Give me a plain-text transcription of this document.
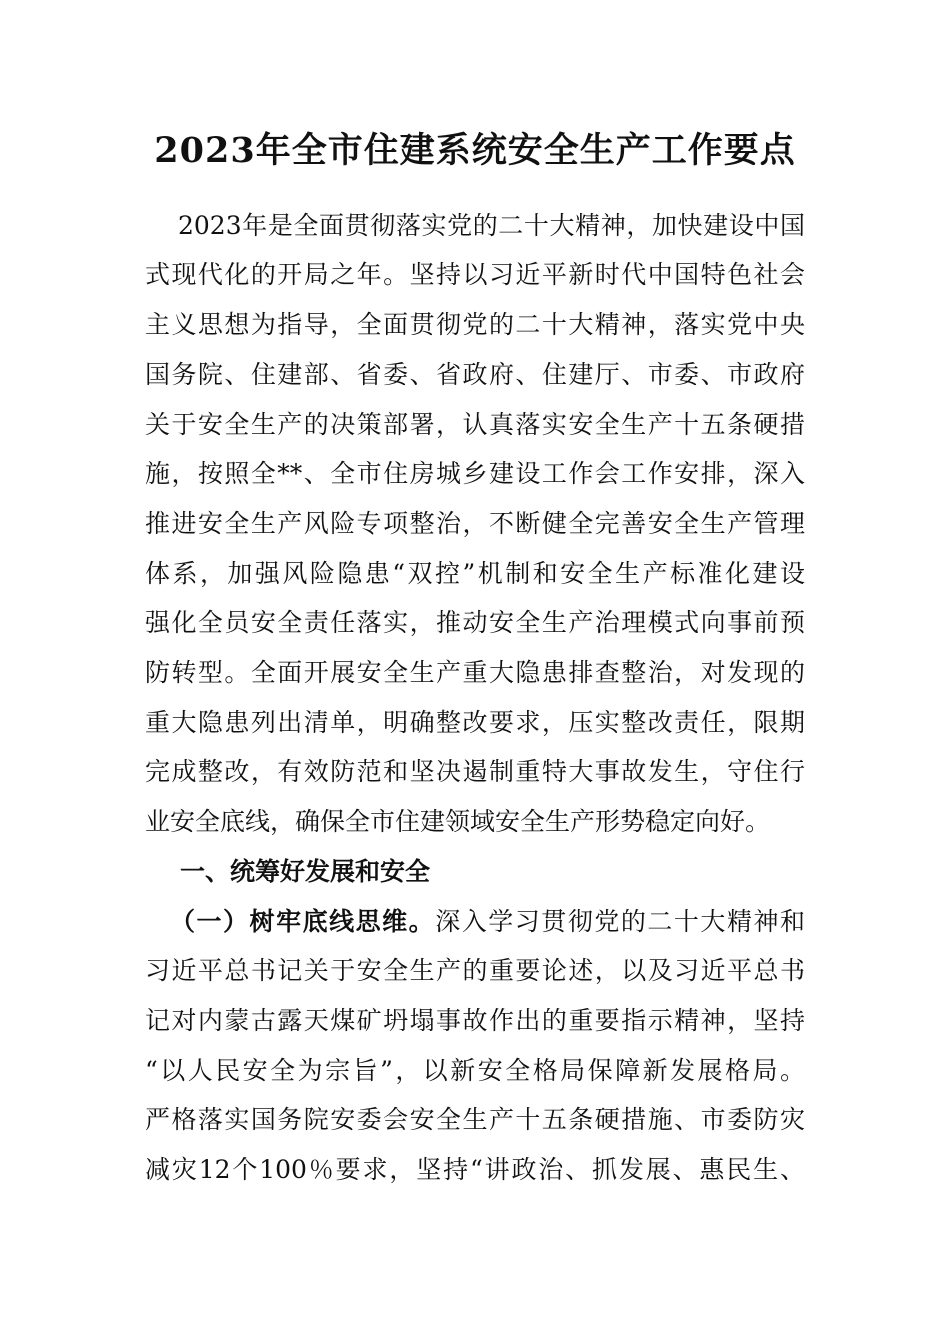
2023年全市住建系统安全生产工作要点
2023年是全面贯彻落实党的二十大精神，加快建设中国
式现代化的开局之年。坚持以习近平新时代中国特色社会
主义思想为指导，全面贯彻党的二十大精神，落实党中央
国务院、住建部、省委、省政府、住建厅、市委、市政府
关于安全生产的决策部署，认真落实安全生产十五条硬措
施，按照全**、全市住房城乡建设工作会工作安排，深入
推进安全生产风险专项整治，不断健全完善安全生产管理
体系，加强风险隐患“双控”机制和安全生产标准化建设
强化全员安全责任落实，推动安全生产治理模式向事前预
防转型。全面开展安全生产重大隐患排查整治，对发现的
重大隐患列出清单，明确整改要求，压实整改责任，限期
完成整改，有效防范和坚决遏制重特大事故发生，守住行
业安全底线，确保全市住建领域安全生产形势稳定向好。
一、统筹好发展和安全
（一）树牢底线思维。深入学习贯彻党的二十大精神和
习近平总书记关于安全生产的重要论述，以及习近平总书
记对内蒙古露天煤矿坍塌事故作出的重要指示精神，坚持
“以人民安全为宗旨”，以新安全格局保障新发展格局。
严格落实国务院安委会安全生产十五条硬措施、市委防灾
减灾12个100％要求，坚持“讲政治、抓发展、惠民生、
